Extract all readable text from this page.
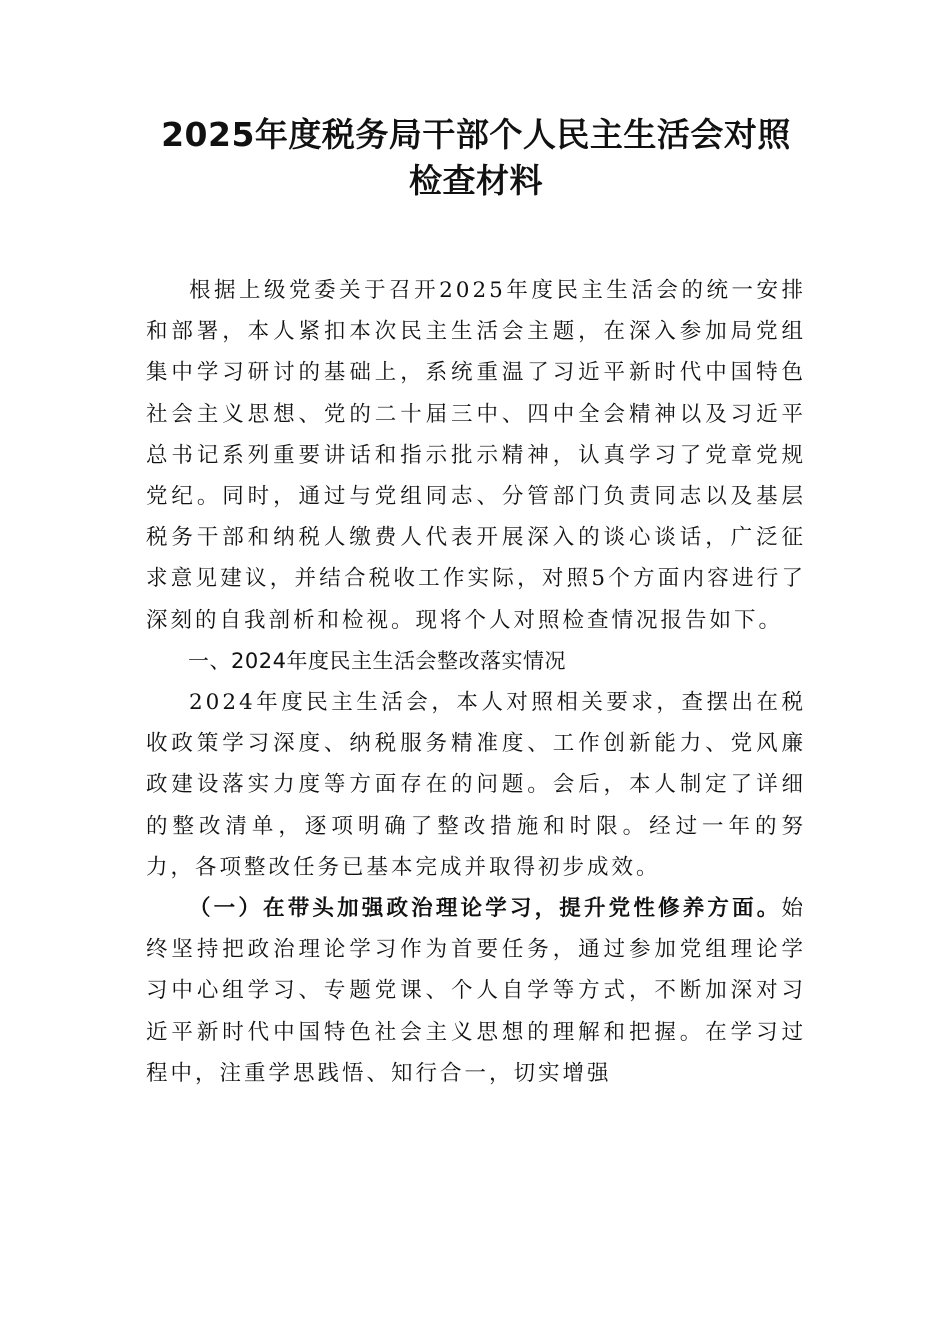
2025年度税务局干部个人民主生活会对照
检查材料

根据上级党委关于召开2025年度民主生活会的统一安排和部署，本人紧扣本次民主生活会主题，在深入参加局党组集中学习研讨的基础上，系统重温了习近平新时代中国特色社会主义思想、党的二十届三中、四中全会精神以及习近平总书记系列重要讲话和指示批示精神，认真学习了党章党规党纪。同时，通过与党组同志、分管部门负责同志以及基层税务干部和纳税人缴费人代表开展深入的谈心谈话，广泛征求意见建议，并结合税收工作实际，对照5个方面内容进行了深刻的自我剖析和检视。现将个人对照检查情况报告如下。

一、2024年度民主生活会整改落实情况

2024年度民主生活会，本人对照相关要求，查摆出在税收政策学习深度、纳税服务精准度、工作创新能力、党风廉政建设落实力度等方面存在的问题。会后，本人制定了详细的整改清单，逐项明确了整改措施和时限。经过一年的努力，各项整改任务已基本完成并取得初步成效。

（一）在带头加强政治理论学习，提升党性修养方面。始终坚持把政治理论学习作为首要任务，通过参加党组理论学习中心组学习、专题党课、个人自学等方式，不断加深对习近平新时代中国特色社会主义思想的理解和把握。在学习过程中，注重学思践悟、知行合一，切实增强
